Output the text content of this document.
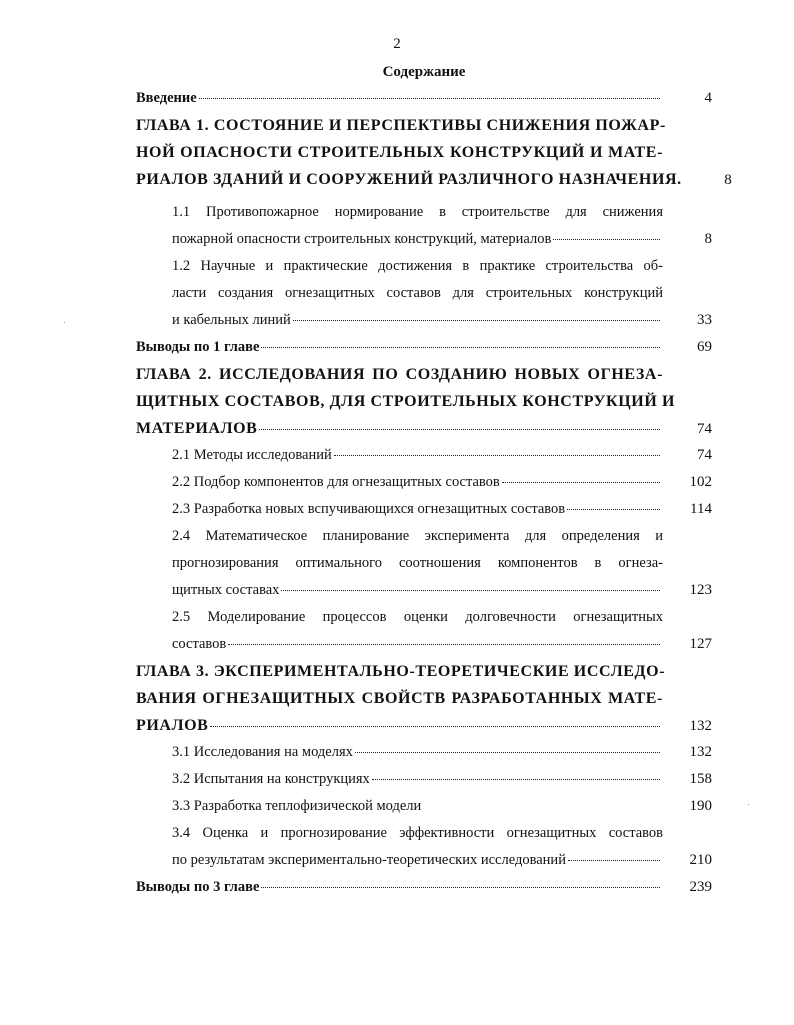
2
Содержание
Введение	4
ГЛАВА 1. СОСТОЯНИЕ И ПЕРСПЕКТИВЫ СНИЖЕНИЯ ПОЖАР-
НОЙ ОПАСНОСТИ СТРОИТЕЛЬНЫХ КОНСТРУКЦИЙ И МАТЕ-
РИАЛОВ ЗДАНИЙ И СООРУЖЕНИЙ РАЗЛИЧНОГО НАЗНАЧЕНИЯ.	8
1.1 Противопожарное нормирование в строительстве для снижения
пожарной опасности строительных конструкций, материалов	8
1.2 Научные и практические достижения в практике строительства об-
ласти создания огнезащитных составов для строительных конструкций
и кабельных линий	33
Выводы по 1 главе	69
ГЛАВА 2. ИССЛЕДОВАНИЯ ПО СОЗДАНИЮ НОВЫХ ОГНЕЗА-
ЩИТНЫХ СОСТАВОВ, ДЛЯ СТРОИТЕЛЬНЫХ КОНСТРУКЦИЙ И
МАТЕРИАЛОВ	74
2.1 Методы исследований	74
2.2 Подбор компонентов для огнезащитных составов	102
2.3 Разработка новых вспучивающихся огнезащитных составов	114
2.4 Математическое планирование эксперимента для определения и
прогнозирования оптимального соотношения компонентов в огнеза-
щитных составах	123
2.5 Моделирование процессов оценки долговечности огнезащитных
составов	127
ГЛАВА 3. ЭКСПЕРИМЕНТАЛЬНО-ТЕОРЕТИЧЕСКИЕ ИССЛЕДО-
ВАНИЯ ОГНЕЗАЩИТНЫХ СВОЙСТВ РАЗРАБОТАННЫХ МАТЕ-
РИАЛОВ	132
3.1 Исследования на моделях	132
3.2 Испытания на конструкциях	158
3.3 Разработка теплофизической модели	190
3.4 Оценка и прогнозирование эффективности огнезащитных составов
по результатам экспериментально-теоретических исследований	210
Выводы по 3 главе	239
